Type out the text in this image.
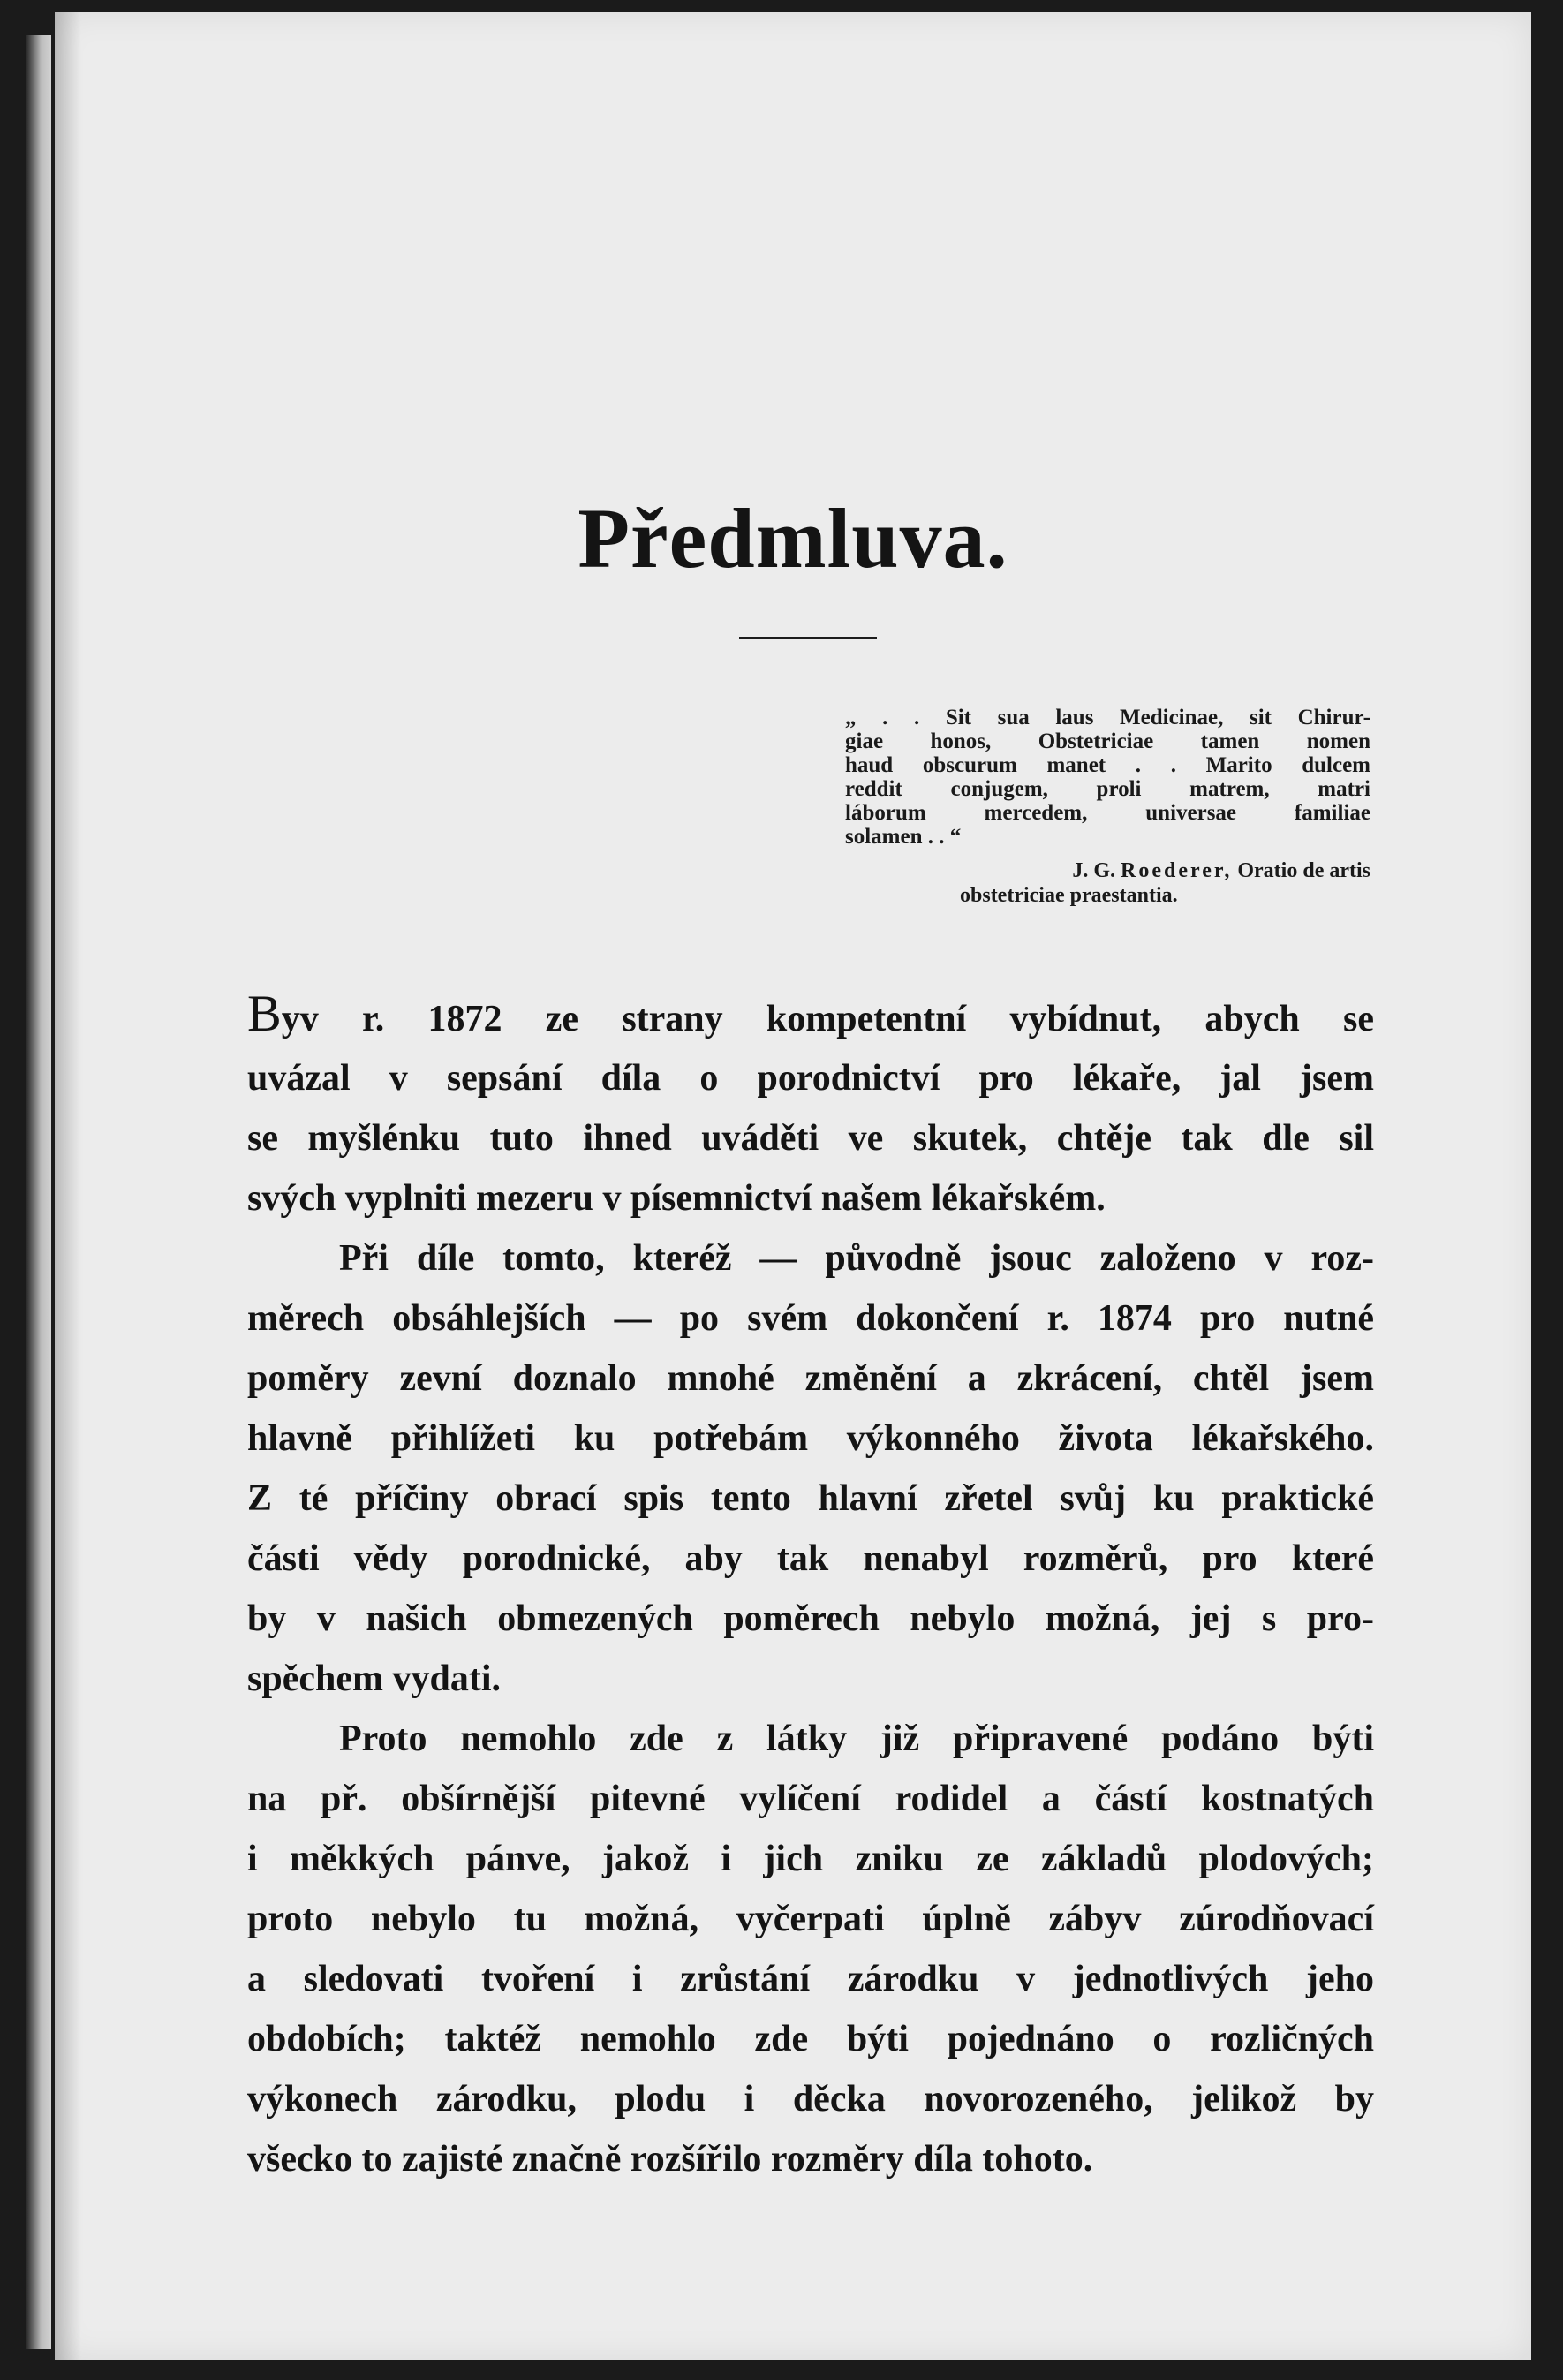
Předmluva.
„ . . Sit sua laus Medicinae, sit Chirur-
giae honos, Obstetriciae tamen nomen
haud obscurum manet . . Marito dulcem
reddit conjugem, proli matrem, matri
láborum mercedem, universae familiae
solamen . . “
J. G. Roederer, Oratio de artis
obstetriciae praestantia.
Byv r. 1872 ze strany kompetentní vybídnut, abych se
uvázal v sepsání díla o porodnictví pro lékaře, jal jsem
se myšlénku tuto ihned uváděti ve skutek, chtěje tak dle sil
svých vyplniti mezeru v písemnictví našem lékařském.
Při díle tomto, kteréž — původně jsouc založeno v roz-
měrech obsáhlejších — po svém dokončení r. 1874 pro nutné
poměry zevní doznalo mnohé změnění a zkrácení, chtěl jsem
hlavně přihlížeti ku potřebám výkonného života lékařského.
Z té příčiny obrací spis tento hlavní zřetel svůj ku praktické
části vědy porodnické, aby tak nenabyl rozměrů, pro které
by v našich obmezených poměrech nebylo možná, jej s pro-
spěchem vydati.
Proto nemohlo zde z látky již připravené podáno býti
na př. obšírnější pitevné vylíčení rodidel a částí kostnatých
i měkkých pánve, jakož i jich zniku ze základů plodových;
proto nebylo tu možná, vyčerpati úplně zábyv zúrodňovací
a sledovati tvoření i zrůstání zárodku v jednotlivých jeho
obdobích; taktéž nemohlo zde býti pojednáno o rozličných
výkonech zárodku, plodu i děcka novorozeného, jelikož by
všecko to zajisté značně rozšířilo rozměry díla tohoto.
